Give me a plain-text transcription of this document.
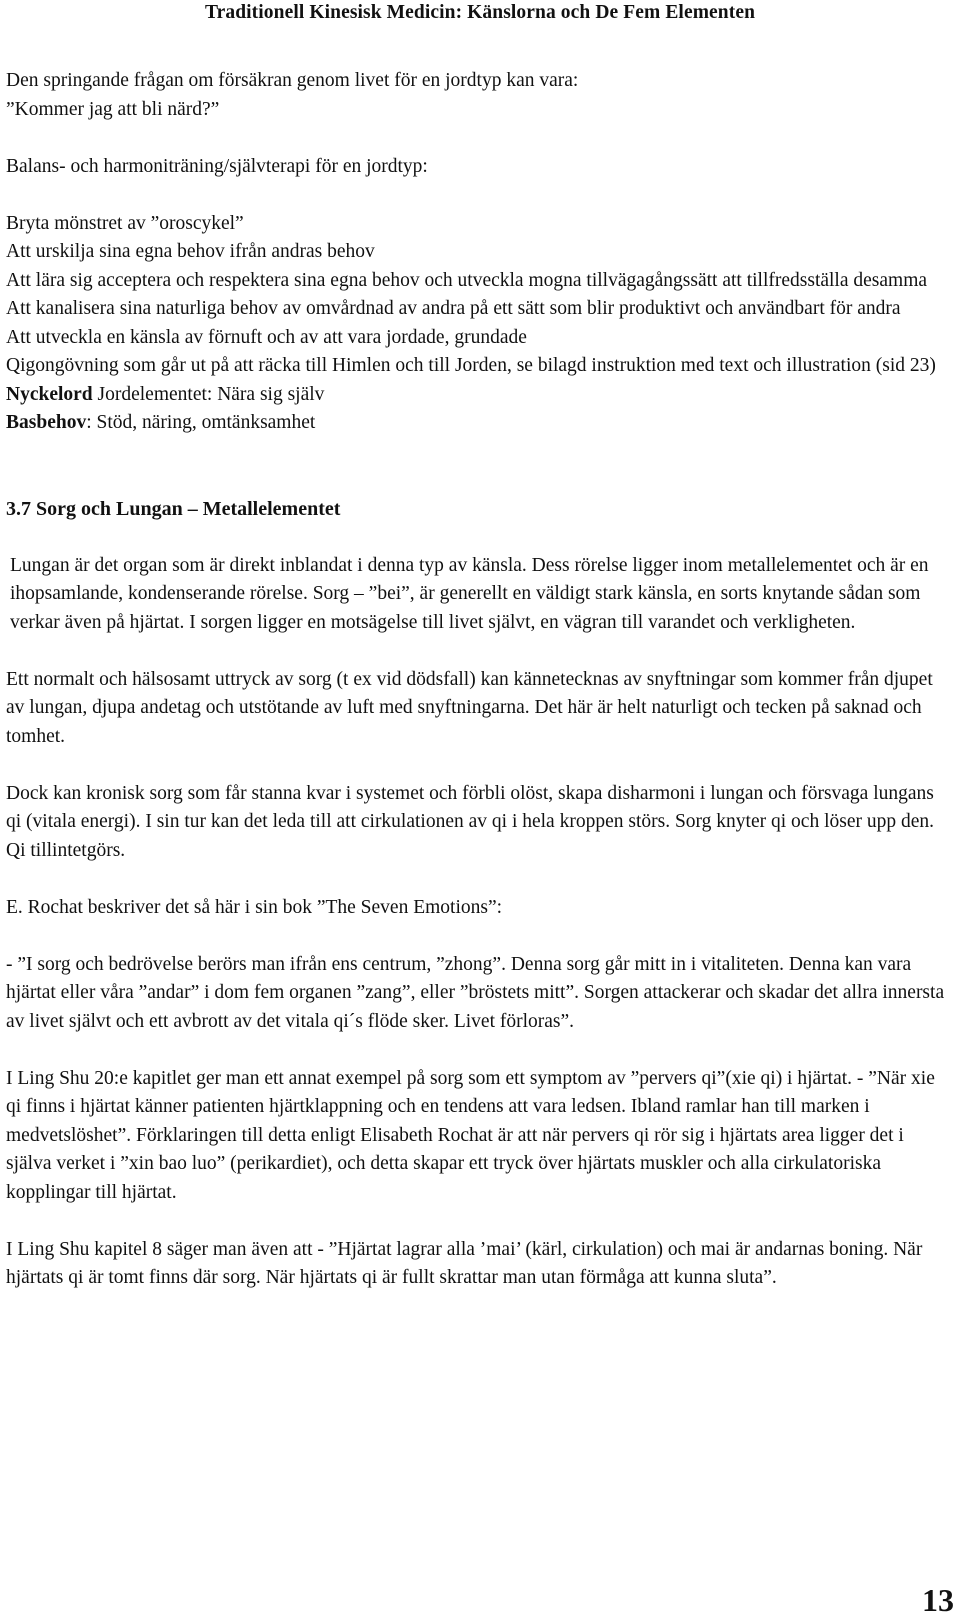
Traditionell Kinesisk Medicin: Känslorna och De Fem Elementen

Den springande frågan om försäkran genom livet för en jordtyp kan vara:

”Kommer jag att bli närd?”

Balans- och harmoniträning/självterapi för en jordtyp:

Bryta mönstret av ”oroscykel”

Att urskilja sina egna behov ifrån andras behov

Att lära sig acceptera och respektera sina egna behov och utveckla mogna tillvägagångssätt att tillfredsställa desamma

Att kanalisera sina naturliga behov av omvårdnad av andra på ett sätt som blir produktivt och användbart för andra

Att utveckla en känsla av förnuft och av att vara jordade, grundade

Qigongövning som går ut på att räcka till Himlen och till Jorden, se bilagd instruktion med text och illustration (sid 23)

Nyckelord Jordelementet: Nära sig själv

Basbehov: Stöd, näring, omtänksamhet

3.7 Sorg och Lungan – Metallelementet

Lungan är det organ som är direkt inblandat i denna typ av känsla. Dess rörelse ligger inom metallelementet och är en ihopsamlande, kondenserande rörelse. Sorg – ”bei”, är generellt en väldigt stark känsla, en sorts knytande sådan som verkar även på hjärtat. I sorgen ligger en motsägelse till livet självt, en vägran till varandet och verkligheten.

Ett normalt och hälsosamt uttryck av sorg (t ex vid dödsfall) kan kännetecknas av snyftningar som kommer från djupet av lungan, djupa andetag och utstötande av luft med snyftningarna. Det här är helt naturligt och tecken på saknad och tomhet.

Dock kan kronisk sorg som får stanna kvar i systemet och förbli olöst, skapa disharmoni i lungan och försvaga lungans qi (vitala energi). I sin tur kan det leda till att cirkulationen av qi i hela kroppen störs. Sorg knyter qi och löser upp den. Qi tillintetgörs.

E. Rochat beskriver det så här i sin bok ”The Seven Emotions”:

- ”I sorg och bedrövelse berörs man ifrån ens centrum, ”zhong”. Denna sorg går mitt in i vitaliteten. Denna kan vara hjärtat eller våra ”andar” i dom fem organen ”zang”, eller ”bröstets mitt”. Sorgen attackerar och skadar det allra innersta av livet självt och ett avbrott av det vitala qi´s flöde sker. Livet förloras”.

I Ling Shu 20:e kapitlet ger man ett annat exempel på sorg som ett symptom av ”pervers qi”(xie qi) i hjärtat. - ”När xie qi finns i hjärtat känner patienten hjärtklappning och en tendens att vara ledsen. Ibland ramlar han till marken i medvetslöshet”. Förklaringen till detta enligt Elisabeth Rochat är att när pervers qi rör sig i hjärtats area ligger det i själva verket i ”xin bao luo” (perikardiet), och detta skapar ett tryck över hjärtats muskler och alla cirkulatoriska kopplingar till hjärtat.

I Ling Shu kapitel 8 säger man även att - ”Hjärtat lagrar alla ’mai’ (kärl, cirkulation) och mai är andarnas boning. När hjärtats qi är tomt finns där sorg. När hjärtats qi är fullt skrattar man utan förmåga att kunna sluta”.

13
